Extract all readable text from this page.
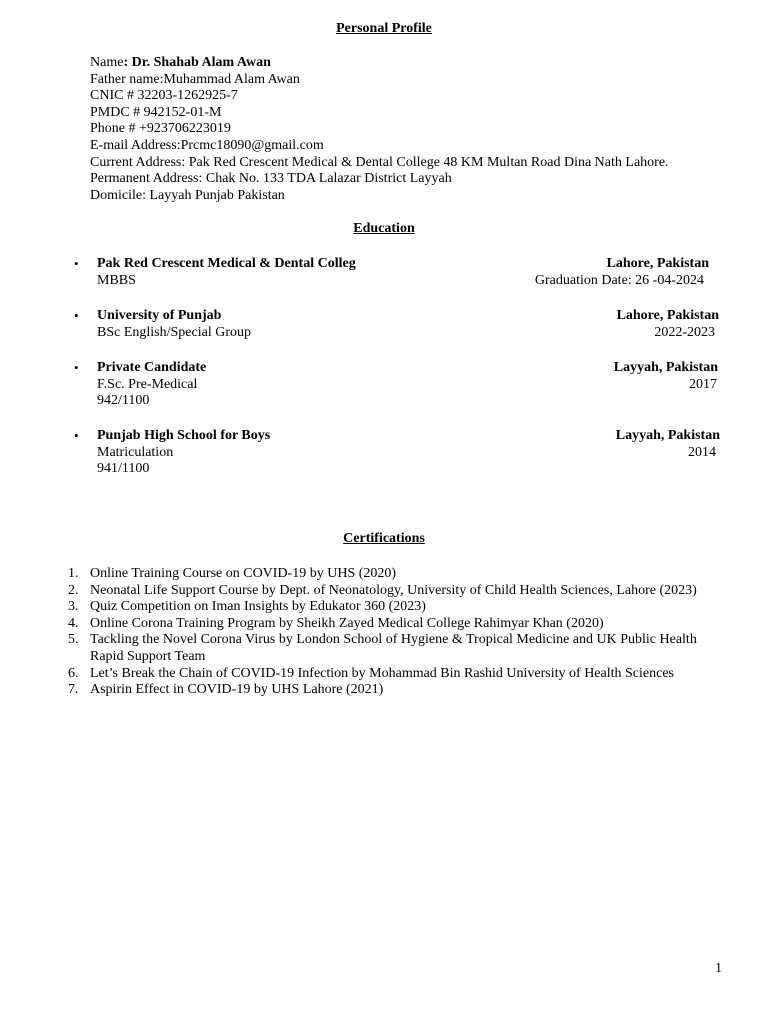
Personal Profile
Name: Dr. Shahab Alam Awan
Father name:Muhammad Alam Awan
CNIC # 32203-1262925-7
PMDC # 942152-01-M
Phone # +923706223019
E-mail Address:Prcmc18090@gmail.com
Current Address: Pak Red Crescent Medical & Dental College 48 KM Multan Road Dina Nath Lahore.
Permanent Address: Chak No. 133 TDA Lalazar District Layyah
Domicile: Layyah Punjab Pakistan
Education
• Pak Red Crescent Medical & Dental Colleg	Lahore, Pakistan
MBBS	Graduation Date: 26 -04-2024
• University of Punjab	Lahore, Pakistan
BSc English/Special Group	2022-2023
• Private Candidate	Layyah, Pakistan
F.Sc. Pre-Medical	2017
942/1100
• Punjab High School for Boys	Layyah, Pakistan
Matriculation	2014
941/1100
Certifications
1. Online Training Course on COVID-19 by UHS (2020)
2. Neonatal Life Support Course by Dept. of Neonatology, University of Child Health Sciences, Lahore (2023)
3. Quiz Competition on Iman Insights by Edukator 360 (2023)
4. Online Corona Training Program by Sheikh Zayed Medical College Rahimyar Khan (2020)
5. Tackling the Novel Corona Virus by London School of Hygiene & Tropical Medicine and UK Public Health Rapid Support Team
6. Let’s Break the Chain of COVID-19 Infection by Mohammad Bin Rashid University of Health Sciences
7. Aspirin Effect in COVID-19 by UHS Lahore (2021)
1
